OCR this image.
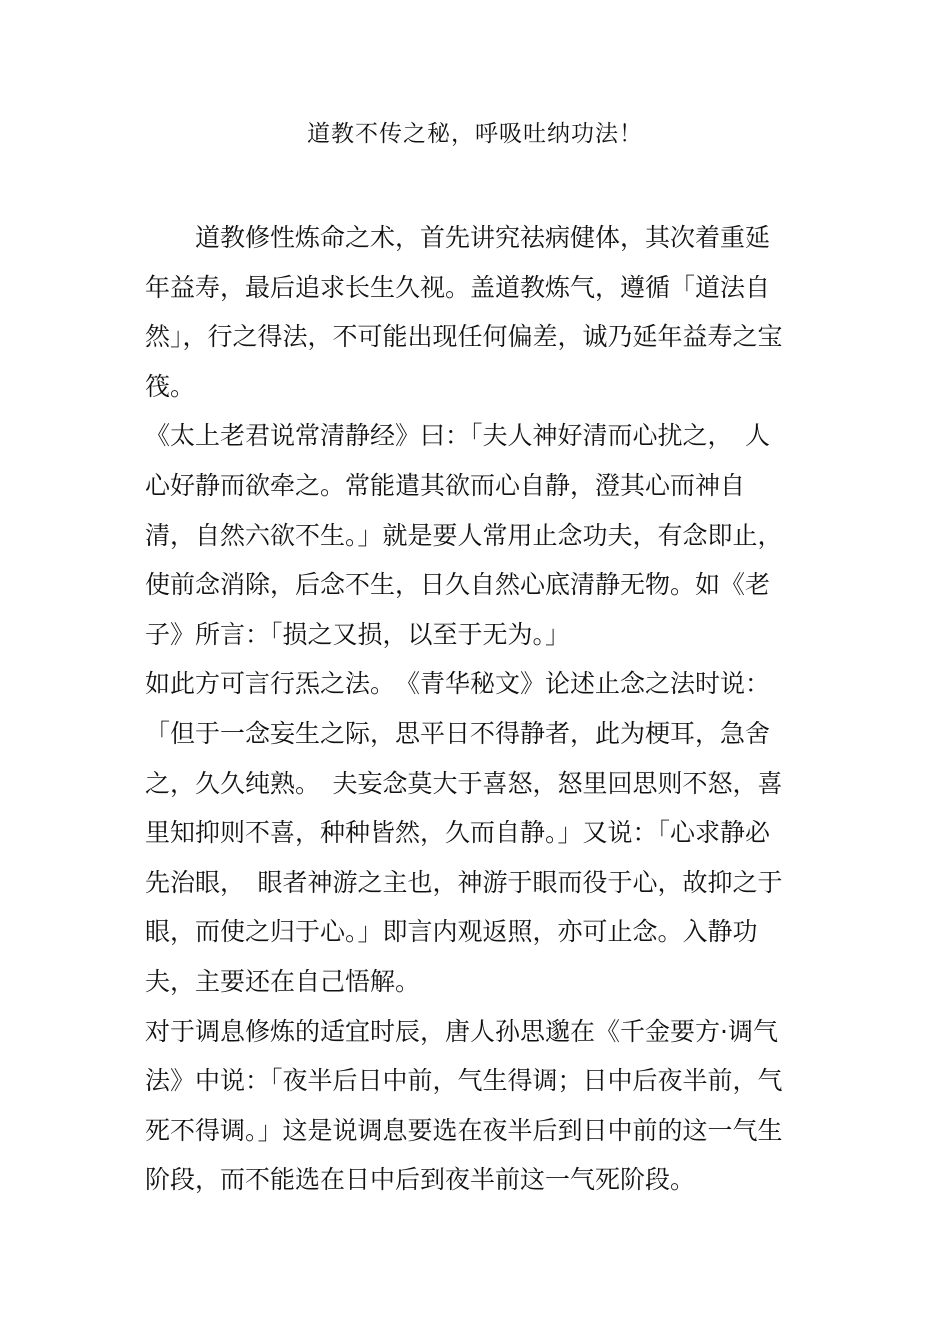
道教不传之秘，呼吸吐纳功法！
　　道教修性炼命之术，首先讲究祛病健体，其次着重延
年益寿，最后追求长生久视。盖道教炼气，遵循「道法自
然」，行之得法，不可能出现任何偏差，诚乃延年益寿之宝
筏。
《太上老君说常清静经》曰：「夫人神好清而心扰之，　人
心好静而欲牵之。常能遣其欲而心自静，澄其心而神自
清，自然六欲不生。」就是要人常用止念功夫，有念即止，
使前念消除，后念不生，日久自然心底清静无物。如《老
子》所言：「损之又损，以至于无为。」
如此方可言行炁之法。　《青华秘文》论述止念之法时说：
「但于一念妄生之际，思平日不得静者，此为梗耳，急舍
之，久久纯熟。　夫妄念莫大于喜怒，怒里回思则不怒，喜
里知抑则不喜，种种皆然，久而自静。」又说：「心求静必
先治眼，　眼者神游之主也，神游于眼而役于心，故抑之于
眼，而使之归于心。」即言内观返照，亦可止念。入静功
夫，主要还在自己悟解。
对于调息修炼的适宜时辰，唐人孙思邈在《千金要方·调气
法》中说：「夜半后日中前，气生得调；日中后夜半前，气
死不得调。」这是说调息要选在夜半后到日中前的这一气生
阶段，而不能选在日中后到夜半前这一气死阶段。
